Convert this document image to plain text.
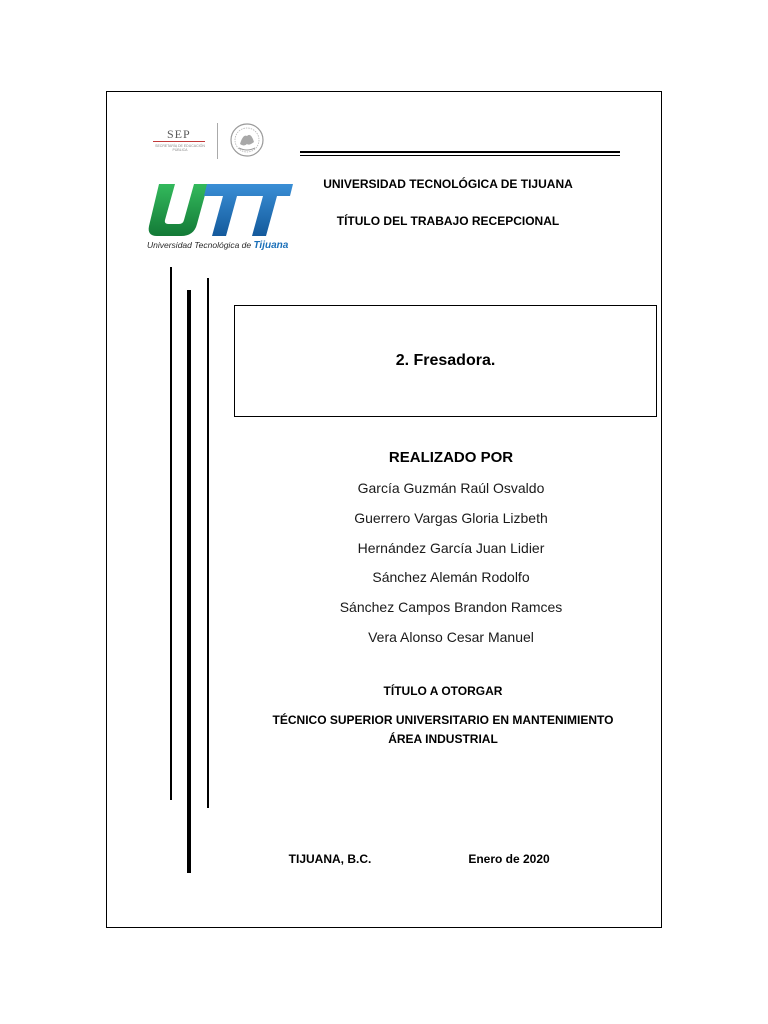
SEP
SECRETARÍA DE EDUCACIÓN PÚBLICA
Universidad Tecnológica de Tijuana
UNIVERSIDAD TECNOLÓGICA DE TIJUANA
TÍTULO DEL TRABAJO RECEPCIONAL
2. Fresadora.
REALIZADO POR
García Guzmán Raúl Osvaldo
Guerrero Vargas Gloria Lizbeth
Hernández García Juan Lidier
Sánchez Alemán Rodolfo
Sánchez Campos Brandon Ramces
Vera Alonso Cesar Manuel
TÍTULO A OTORGAR
TÉCNICO SUPERIOR UNIVERSITARIO EN MANTENIMIENTO
ÁREA INDUSTRIAL
TIJUANA, B.C.	Enero de 2020
